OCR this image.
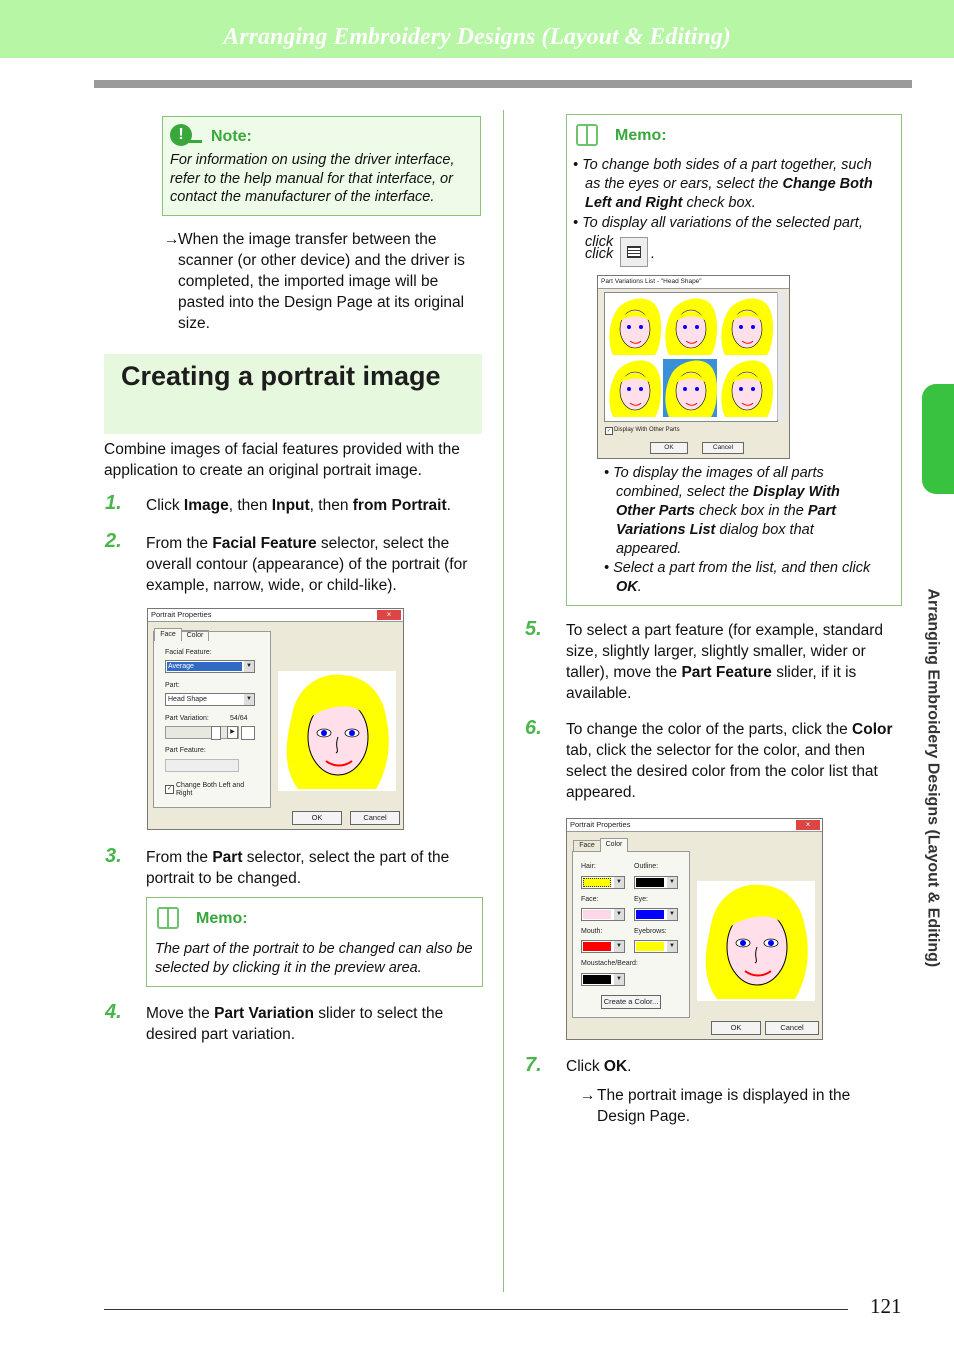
Arranging Embroidery Designs (Layout & Editing)
!	Note:
For information on using the driver interface, refer to the help manual for that interface, or contact the manufacturer of the interface.
→
When the image transfer between the scanner (or other device) and the driver is completed, the imported image will be pasted into the Design Page at its original size.
Creating a portrait image
Combine images of facial features provided with the application to create an original portrait image.
1. Click Image, then Input, then from Portrait.
2. From the Facial Feature selector, select the overall contour (appearance) of the portrait (for example, narrow, wide, or child-like).
Portrait Properties	×
Face	Color
Facial Feature:
Average	▼
Part:
Head Shape	▼
Part Variation:	54/64
▶
Part Feature:
✓ Change Both Left and Right
OK	Cancel
3. From the Part selector, select the part of the portrait to be changed.
Memo:
The part of the portrait to be changed can also be selected by clicking it in the preview area.
4. Move the Part Variation slider to select the desired part variation.
Memo:
• To change both sides of a part together, such as the eyes or ears, select the Change Both Left and Right check box.
• To display all variations of the selected part, click
click	.
Part Variations List - "Head Shape"
✓ Display With Other Parts
OK	Cancel
• To display the images of all parts combined, select the Display With Other Parts check box in the Part Variations List dialog box that appeared.
• Select a part from the list, and then click OK.
5. To select a part feature (for example, standard size, slightly larger, slightly smaller, wider or taller), move the Part Feature slider, if it is available.
6. To change the color of the parts, click the Color tab, click the selector for the color, and then select the desired color from the color list that appeared.
Portrait Properties	×
Face	Color
Hair:
▼
Outline:
▼
Face:
▼
Eye:
▼
Mouth:
▼
Eyebrows:
▼
Moustache/Beard:
▼
Create a Color...
OK	Cancel
7. Click OK.
→ The portrait image is displayed in the Design Page.
Arranging Embroidery Designs (Layout & Editing)
121
